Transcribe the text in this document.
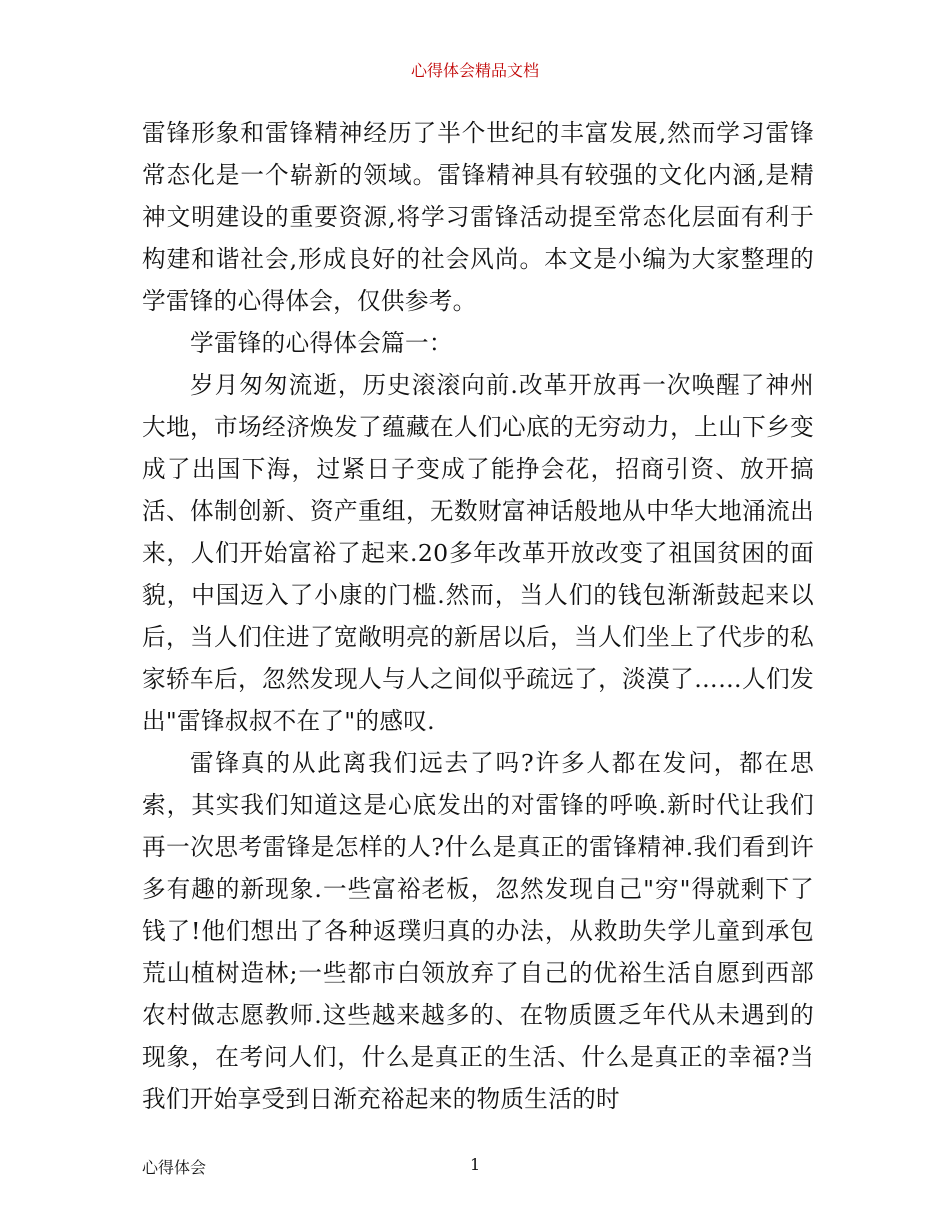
心得体会精品文档

雷锋形象和雷锋精神经历了半个世纪的丰富发展,然而学习雷锋常态化是一个崭新的领域。雷锋精神具有较强的文化内涵,是精神文明建设的重要资源,将学习雷锋活动提至常态化层面有利于构建和谐社会,形成良好的社会风尚。本文是小编为大家整理的学雷锋的心得体会，仅供参考。

学雷锋的心得体会篇一：

岁月匆匆流逝，历史滚滚向前.改革开放再一次唤醒了神州大地，市场经济焕发了蕴藏在人们心底的无穷动力，上山下乡变成了出国下海，过紧日子变成了能挣会花，招商引资、放开搞活、体制创新、资产重组，无数财富神话般地从中华大地涌流出来，人们开始富裕了起来.20多年改革开放改变了祖国贫困的面貌，中国迈入了小康的门槛.然而，当人们的钱包渐渐鼓起来以后，当人们住进了宽敞明亮的新居以后，当人们坐上了代步的私家轿车后，忽然发现人与人之间似乎疏远了，淡漠了……人们发出"雷锋叔叔不在了"的感叹.

雷锋真的从此离我们远去了吗?许多人都在发问，都在思索，其实我们知道这是心底发出的对雷锋的呼唤.新时代让我们再一次思考雷锋是怎样的人?什么是真正的雷锋精神.我们看到许多有趣的新现象.一些富裕老板，忽然发现自己"穷"得就剩下了钱了!他们想出了各种返璞归真的办法，从救助失学儿童到承包荒山植树造林;一些都市白领放弃了自己的优裕生活自愿到西部农村做志愿教师.这些越来越多的、在物质匮乏年代从未遇到的现象，在考问人们，什么是真正的生活、什么是真正的幸福?当我们开始享受到日渐充裕起来的物质生活的时

心得体会	1
